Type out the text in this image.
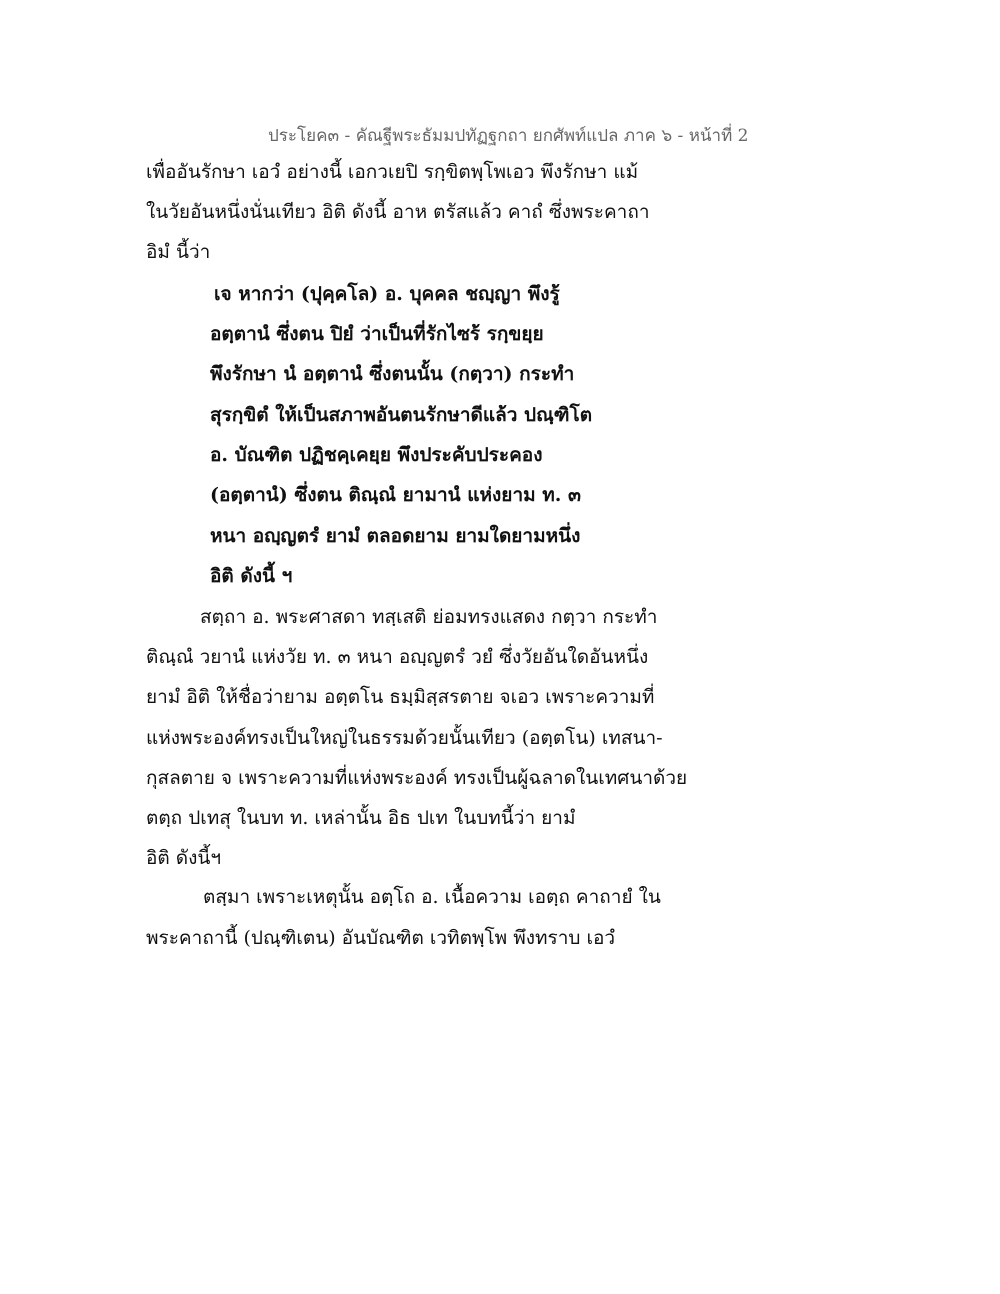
ประโยค๓ - คัณฐีพระธัมมปทัฏฐกถา ยกศัพท์แปล ภาค ๖ - หน้าที่ 2
เพื่ออันรักษา เอวํ อย่างนี้ เอกวเยปิ รกฺขิตพฺโพเอว พึงรักษา แม้
ในวัยอันหนึ่งนั่นเทียว อิติ ดังนี้ อาห ตรัสแล้ว คาถํ ซึ่งพระคาถา
อิมํ นี้ว่า
เจ หากว่า (ปุคฺคโล) อ. บุคคล ชญฺญา พึงรู้
อตฺตานํ ซึ่งตน ปิยํ ว่าเป็นที่รักไซร้ รกฺขยฺย
พึงรักษา นํ อตฺตานํ ซึ่งตนนั้น (กตฺวา) กระทำ
สุรกฺขิตํ ให้เป็นสภาพอันตนรักษาดีแล้ว ปณฺฑิโต
อ. บัณฑิต ปฏิชคฺเคยฺย พึงประคับประคอง
(อตฺตานํ) ซึ่งตน ติณฺณํ ยามานํ แห่งยาม ท. ๓
หนา อญฺญตรํ ยามํ ตลอดยาม ยามใดยามหนึ่ง
อิติ ดังนี้ ฯ
สตฺถา อ. พระศาสดา ทสฺเสติ ย่อมทรงแสดง กตฺวา กระทำ
ติณฺณํ วยานํ แห่งวัย ท. ๓ หนา อญฺญตรํ วยํ ซึ่งวัยอันใดอันหนึ่ง
ยามํ อิติ ให้ชื่อว่ายาม อตฺตโน ธมฺมิสฺสรตาย จเอว เพราะความที่
แห่งพระองค์ทรงเป็นใหญ่ในธรรมด้วยนั้นเทียว (อตฺตโน) เทสนา-
กุสลตาย จ เพราะความที่แห่งพระองค์ ทรงเป็นผู้ฉลาดในเทศนาด้วย
ตตฺถ ปเทสุ ในบท ท. เหล่านั้น อิธ ปเท ในบทนี้ว่า ยามํ
อิติ ดังนี้ฯ
ตสฺมา เพราะเหตุนั้น อตฺโถ อ. เนื้อความ เอตฺถ คาถายํ ใน
พระคาถานี้ (ปณฺฑิเตน) อันบัณฑิต เวทิตพฺโพ พึงทราบ เอวํ
